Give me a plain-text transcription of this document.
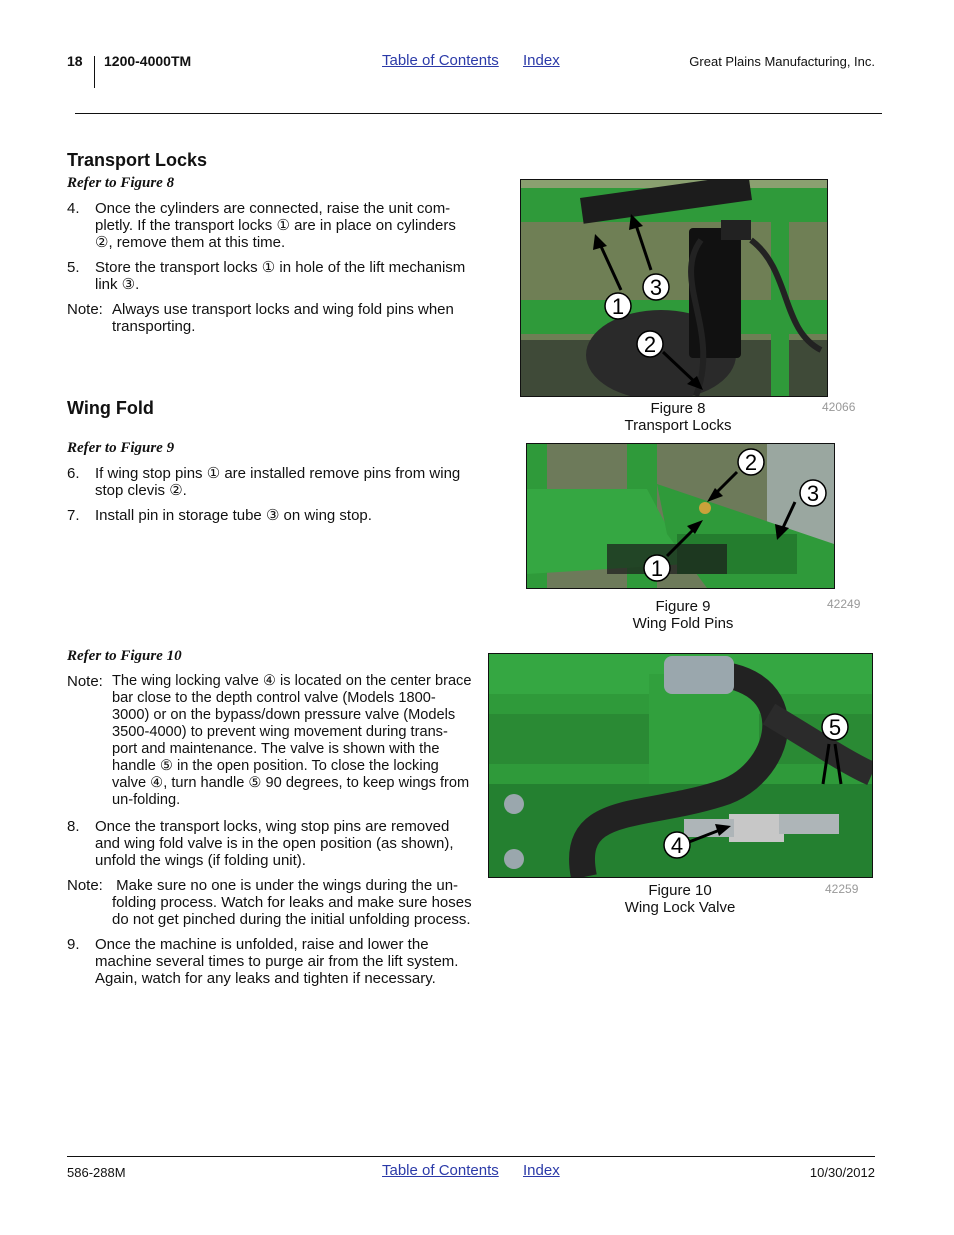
18 1200-4000TM	Table of Contents Index	Great Plains Manufacturing, Inc.
Transport Locks
Refer to Figure 8
4. Once the cylinders are connected, raise the unit com-
pletly. If the transport locks ① are in place on cylinders
②, remove them at this time.
5. Store the transport locks ① in hole of the lift mechanism
link ③.
Note: Always use transport locks and wing fold pins when
transporting.
Wing Fold
Refer to Figure 9
6. If wing stop pins ① are installed remove pins from wing
stop clevis ②.
7. Install pin in storage tube ③ on wing stop.
Refer to Figure 10
Note: The wing locking valve ④ is located on the center brace
bar close to the depth control valve (Models 1800-
3000) or on the bypass/down pressure valve (Models
3500-4000) to prevent wing movement during trans-
port and maintenance. The valve is shown with the
handle ⑤ in the open position. To close the locking
valve ④, turn handle ⑤ 90 degrees, to keep wings from
un-folding.
8. Once the transport locks, wing stop pins are removed
and wing fold valve is in the open position (as shown),
unfold the wings (if folding unit).
Note: Make sure no one is under the wings during the un-
folding process. Watch for leaks and make sure hoses
do not get pinched during the initial unfolding process.
9. Once the machine is unfolded, raise and lower the
machine several times to purge air from the lift system.
Again, watch for any leaks and tighten if necessary.
1
2
3
Figure 8
Transport Locks
42066
1
2
3
Figure 9
Wing Fold Pins
42249
4
5
Figure 10
Wing Lock Valve
42259
586-288M	Table of Contents Index	10/30/2012
